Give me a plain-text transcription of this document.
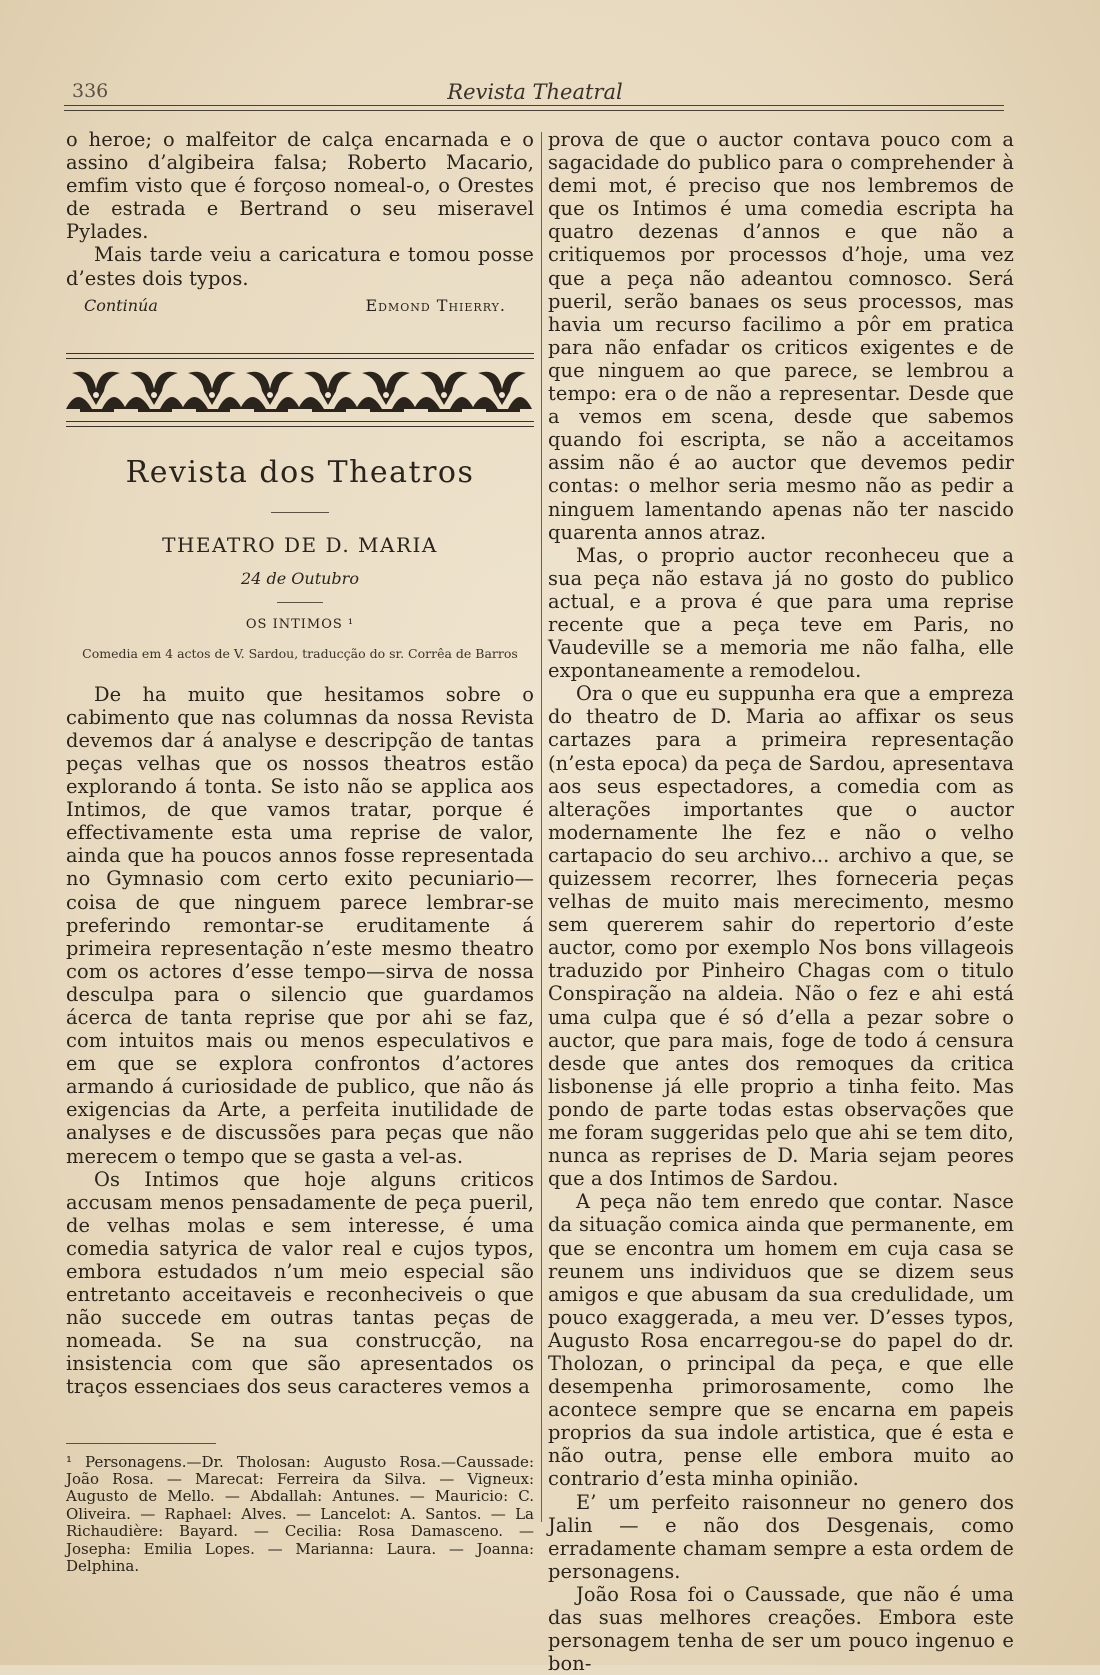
336	Revista Theatral

o heroe; o malfeitor de calça encarnada e o assino d’algibeira falsa; Roberto Macario, emfim visto que é forçoso nomeal-o, o Orestes de estrada e Bertrand o seu miseravel Pylades.

Mais tarde veiu a caricatura e tomou posse d’estes dois typos.

Continúa	Edmond Thierry.
Revista dos Theatros
THEATRO DE D. MARIA
24 de Outubro
OS INTIMOS ¹
Comedia em 4 actos de V. Sardou, traducção do sr. Corrêa de Barros

De ha muito que hesitamos sobre o cabimento que nas columnas da nossa Revista devemos dar á analyse e descripção de tantas peças velhas que os nossos theatros estão explorando á tonta. Se isto não se applica aos Intimos, de que vamos tratar, porque é effectivamente esta uma reprise de valor, ainda que ha poucos annos fosse representada no Gymnasio com certo exito pecuniario—coisa de que ninguem parece lembrar-se preferindo remontar-se eruditamente á primeira representação n’este mesmo theatro com os actores d’esse tempo—sirva de nossa desculpa para o silencio que guardamos ácerca de tanta reprise que por ahi se faz, com intuitos mais ou menos especulativos e em que se explora confrontos d’actores armando á curiosidade de publico, que não ás exigencias da Arte, a perfeita inutilidade de analyses e de discussões para peças que não merecem o tempo que se gasta a vel-as.

Os Intimos que hoje alguns criticos accusam menos pensadamente de peça pueril, de velhas molas e sem interesse, é uma comedia satyrica de valor real e cujos typos, embora estudados n’um meio especial são entretanto acceitaveis e reconheciveis o que não succede em outras tantas peças de nomeada. Se na sua construcção, na insistencia com que são apresentados os traços essenciaes dos seus caracteres vemos a

¹ Personagens.—Dr. Tholosan: Augusto Rosa.—Caussade: João Rosa. — Marecat: Ferreira da Silva. — Vigneux: Augusto de Mello. — Abdallah: Antunes. — Mauricio: C. Oliveira. — Raphael: Alves. — Lancelot: A. Santos. — La Richaudière: Bayard. — Cecilia: Rosa Damasceno. — Josepha: Emilia Lopes. — Marianna: Laura. — Joanna: Delphina.

prova de que o auctor contava pouco com a sagacidade do publico para o comprehender à demi mot, é preciso que nos lembremos de que os Intimos é uma comedia escripta ha quatro dezenas d’annos e que não a critiquemos por processos d’hoje, uma vez que a peça não adeantou comnosco. Será pueril, serão banaes os seus processos, mas havia um recurso facilimo a pôr em pratica para não enfadar os criticos exigentes e de que ninguem ao que parece, se lembrou a tempo: era o de não a representar. Desde que a vemos em scena, desde que sabemos quando foi escripta, se não a acceitamos assim não é ao auctor que devemos pedir contas: o melhor seria mesmo não as pedir a ninguem lamentando apenas não ter nascido quarenta annos atraz.

Mas, o proprio auctor reconheceu que a sua peça não estava já no gosto do publico actual, e a prova é que para uma reprise recente que a peça teve em Paris, no Vaudeville se a memoria me não falha, elle expontaneamente a remodelou.

Ora o que eu suppunha era que a empreza do theatro de D. Maria ao affixar os seus cartazes para a primeira representação (n’esta epoca) da peça de Sardou, apresentava aos seus espectadores, a comedia com as alterações importantes que o auctor modernamente lhe fez e não o velho cartapacio do seu archivo... archivo a que, se quizessem recorrer, lhes forneceria peças velhas de muito mais merecimento, mesmo sem quererem sahir do repertorio d’este auctor, como por exemplo Nos bons villageois traduzido por Pinheiro Chagas com o titulo Conspiração na aldeia. Não o fez e ahi está uma culpa que é só d’ella a pezar sobre o auctor, que para mais, foge de todo á censura desde que antes dos remoques da critica lisbonense já elle proprio a tinha feito. Mas pondo de parte todas estas observações que me foram suggeridas pelo que ahi se tem dito, nunca as reprises de D. Maria sejam peores que a dos Intimos de Sardou.

A peça não tem enredo que contar. Nasce da situação comica ainda que permanente, em que se encontra um homem em cuja casa se reunem uns individuos que se dizem seus amigos e que abusam da sua credulidade, um pouco exaggerada, a meu ver. D’esses typos, Augusto Rosa encarregou-se do papel do dr. Tholozan, o principal da peça, e que elle desempenha primorosamente, como lhe acontece sempre que se encarna em papeis proprios da sua indole artistica, que é esta e não outra, pense elle embora muito ao contrario d’esta minha opinião.

E’ um perfeito raisonneur no genero dos Jalin — e não dos Desgenais, como erradamente chamam sempre a esta ordem de personagens.

João Rosa foi o Caussade, que não é uma das suas melhores creações. Embora este personagem tenha de ser um pouco ingenuo e bon-
